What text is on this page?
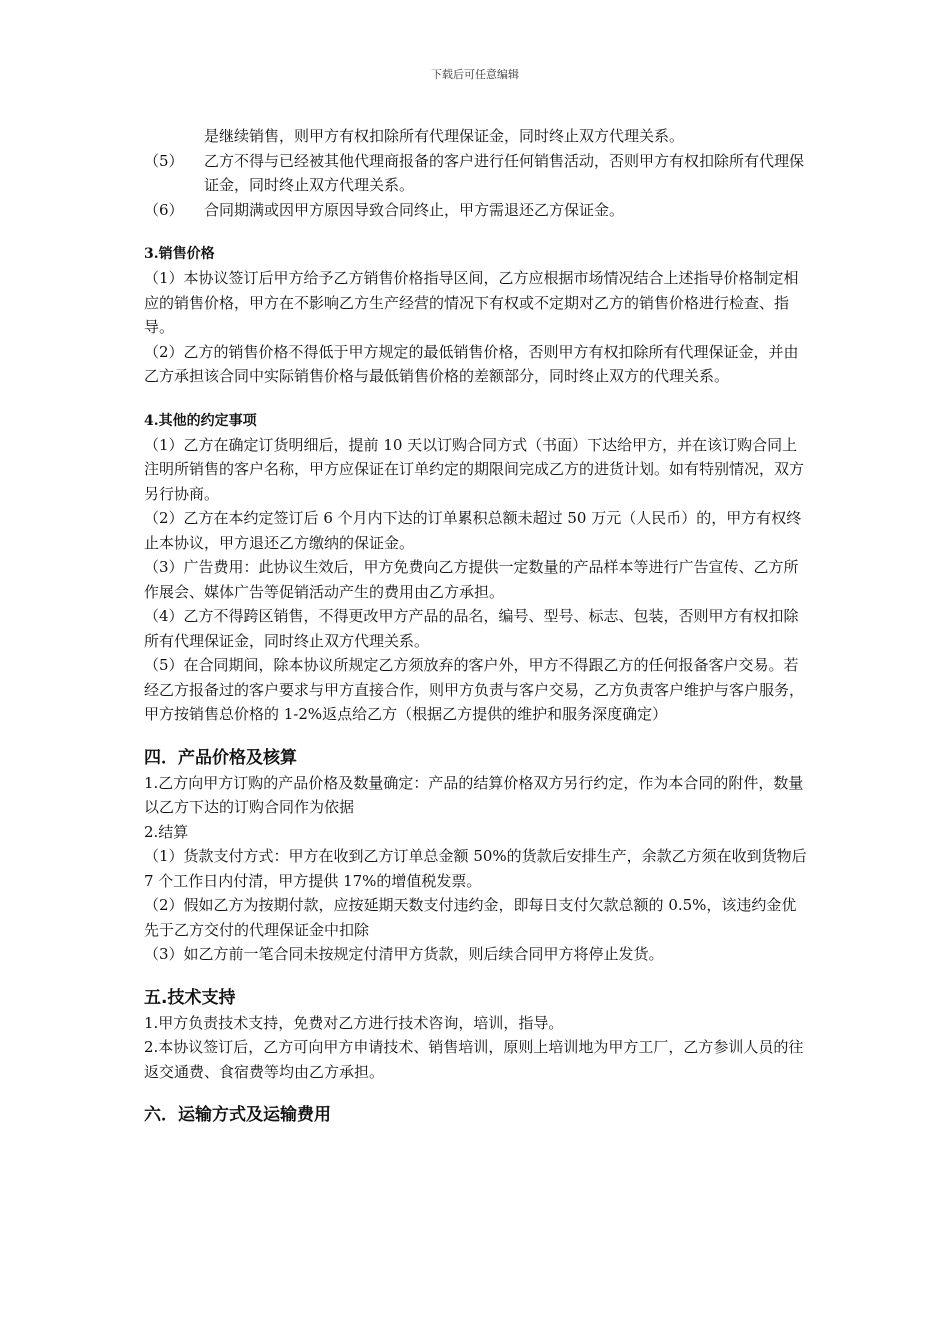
下载后可任意编辑

是继续销售，则甲方有权扣除所有代理保证金，同时终止双方代理关系。

（5）	乙方不得与已经被其他代理商报备的客户进行任何销售活动，否则甲方有权扣除所有代理保证金，同时终止双方代理关系。

（6）	合同期满或因甲方原因导致合同终止，甲方需退还乙方保证金。

3.销售价格

（1）本协议签订后甲方给予乙方销售价格指导区间，乙方应根据市场情况结合上述指导价格制定相应的销售价格，甲方在不影响乙方生产经营的情况下有权或不定期对乙方的销售价格进行检查、指导。

（2）乙方的销售价格不得低于甲方规定的最低销售价格，否则甲方有权扣除所有代理保证金，并由乙方承担该合同中实际销售价格与最低销售价格的差额部分，同时终止双方的代理关系。

4.其他的约定事项

（1）乙方在确定订货明细后，提前 10 天以订购合同方式（书面）下达给甲方，并在该订购合同上注明所销售的客户名称，甲方应保证在订单约定的期限间完成乙方的进货计划。如有特别情况，双方另行协商。

（2）乙方在本约定签订后 6 个月内下达的订单累积总额未超过 50 万元（人民币）的，甲方有权终止本协议，甲方退还乙方缴纳的保证金。

（3）广告费用：此协议生效后，甲方免费向乙方提供一定数量的产品样本等进行广告宣传、乙方所作展会、媒体广告等促销活动产生的费用由乙方承担。

（4）乙方不得跨区销售，不得更改甲方产品的品名，编号、型号、标志、包装，否则甲方有权扣除所有代理保证金，同时终止双方代理关系。

（5）在合同期间，除本协议所规定乙方须放弃的客户外，甲方不得跟乙方的任何报备客户交易。若经乙方报备过的客户要求与甲方直接合作，则甲方负责与客户交易，乙方负责客户维护与客户服务，甲方按销售总价格的 1-2%返点给乙方（根据乙方提供的维护和服务深度确定）

四．产品价格及核算

1.乙方向甲方订购的产品价格及数量确定：产品的结算价格双方另行约定，作为本合同的附件，数量以乙方下达的订购合同作为依据

2.结算

（1）货款支付方式：甲方在收到乙方订单总金额 50%的货款后安排生产，余款乙方须在收到货物后 7 个工作日内付清，甲方提供 17%的增值税发票。

（2）假如乙方为按期付款，应按延期天数支付违约金，即每日支付欠款总额的 0.5%，该违约金优先于乙方交付的代理保证金中扣除

（3）如乙方前一笔合同未按规定付清甲方货款，则后续合同甲方将停止发货。

五.技术支持

1.甲方负责技术支持，免费对乙方进行技术咨询，培训，指导。

2.本协议签订后，乙方可向甲方申请技术、销售培训，原则上培训地为甲方工厂，乙方参训人员的往返交通费、食宿费等均由乙方承担。

六．运输方式及运输费用
